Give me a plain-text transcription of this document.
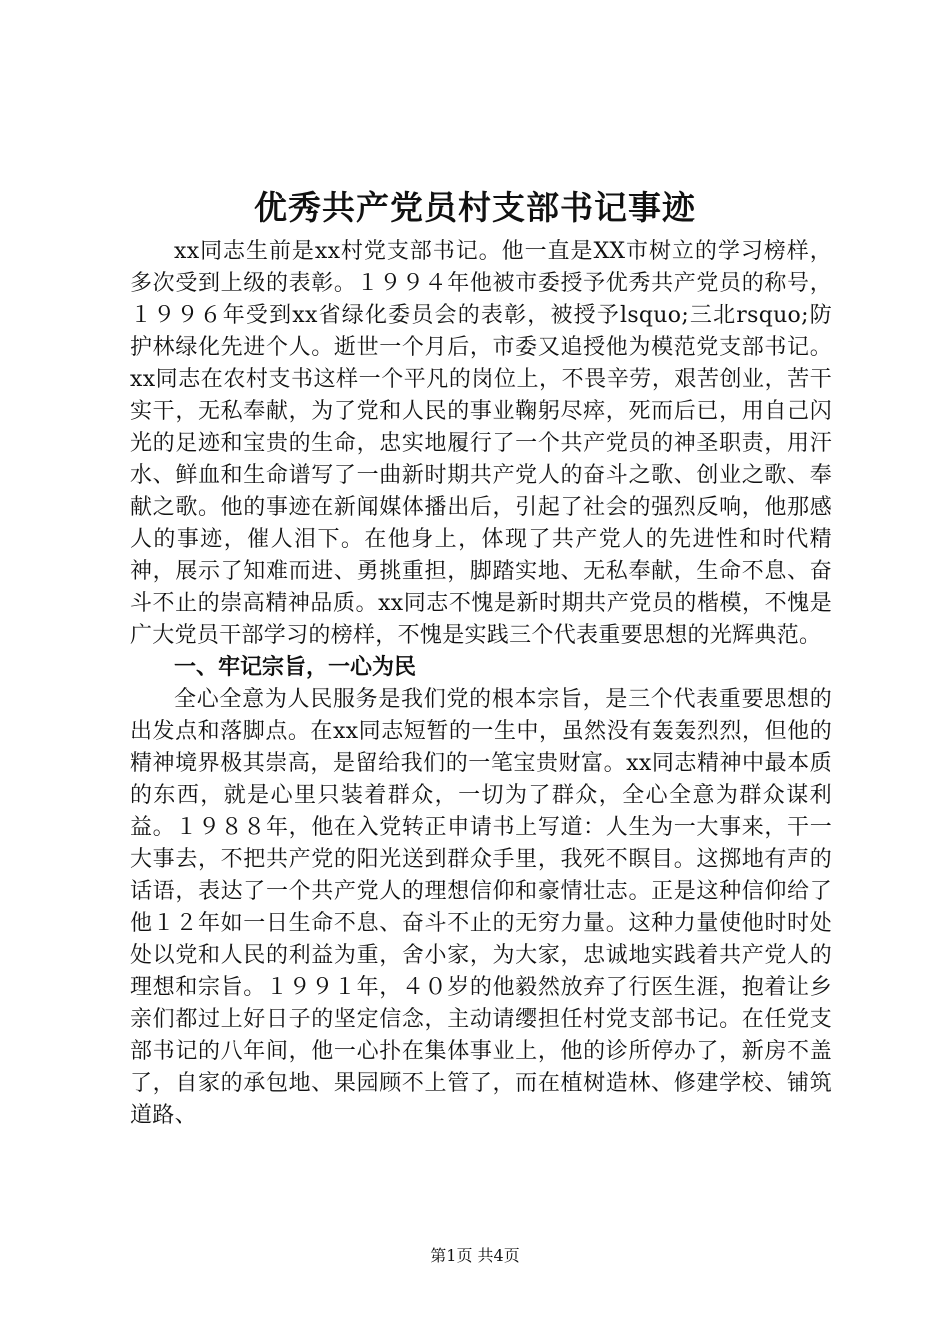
优秀共产党员村支部书记事迹

xx同志生前是xx村党支部书记。他一直是XX市树立的学习榜样，多次受到上级的表彰。１９９４年他被市委授予优秀共产党员的称号，１９９６年受到xx省绿化委员会的表彰，被授予lsquo;三北rsquo;防护林绿化先进个人。逝世一个月后，市委又追授他为模范党支部书记。xx同志在农村支书这样一个平凡的岗位上，不畏辛劳，艰苦创业，苦干实干，无私奉献，为了党和人民的事业鞠躬尽瘁，死而后已，用自己闪光的足迹和宝贵的生命，忠实地履行了一个共产党员的神圣职责，用汗水、鲜血和生命谱写了一曲新时期共产党人的奋斗之歌、创业之歌、奉献之歌。他的事迹在新闻媒体播出后，引起了社会的强烈反响，他那感人的事迹，催人泪下。在他身上，体现了共产党人的先进性和时代精神，展示了知难而进、勇挑重担，脚踏实地、无私奉献，生命不息、奋斗不止的崇高精神品质。xx同志不愧是新时期共产党员的楷模，不愧是广大党员干部学习的榜样，不愧是实践三个代表重要思想的光辉典范。

一、牢记宗旨，一心为民

全心全意为人民服务是我们党的根本宗旨，是三个代表重要思想的出发点和落脚点。在xx同志短暂的一生中，虽然没有轰轰烈烈，但他的精神境界极其崇高，是留给我们的一笔宝贵财富。xx同志精神中最本质的东西，就是心里只装着群众，一切为了群众，全心全意为群众谋利益。１９８８年，他在入党转正申请书上写道：人生为一大事来，干一大事去，不把共产党的阳光送到群众手里，我死不瞑目。这掷地有声的话语，表达了一个共产党人的理想信仰和豪情壮志。正是这种信仰给了他１２年如一日生命不息、奋斗不止的无穷力量。这种力量使他时时处处以党和人民的利益为重，舍小家，为大家，忠诚地实践着共产党人的理想和宗旨。１９９１年，４０岁的他毅然放弃了行医生涯，抱着让乡亲们都过上好日子的坚定信念，主动请缨担任村党支部书记。在任党支部书记的八年间，他一心扑在集体事业上，他的诊所停办了，新房不盖了，自家的承包地、果园顾不上管了，而在植树造林、修建学校、铺筑道路、

第1页 共4页
